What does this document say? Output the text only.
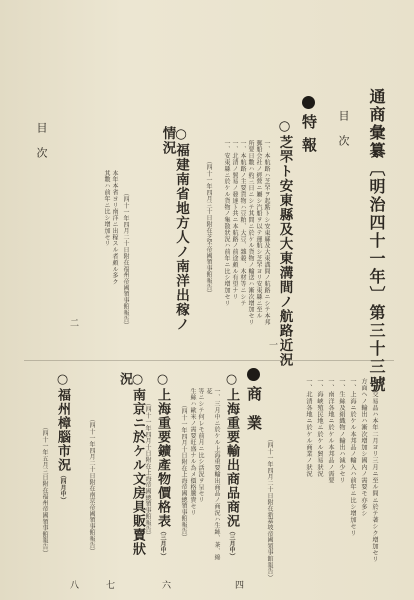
通商彙纂〔明治四十一年〕第三十三號
目次
特報
○芝罘ト安東縣及大東溝間ノ航路近況
一、本航路ハ芝罘ヲ起點トシ安東縣及大東溝間ノ航路ニシテ本邦
郵船会社ノ經營ニ屬シ汽船ヲ以テ運航シ芝罘ヨリ安東縣ニ至ル
所要日數ハ約三日ニシテ其間ニ於ケル貨物ノ輸送ハ漸次增加セリ
一、本航路ノ主要貨物ハ豆粕、大豆、雜穀、木材等ニシテ
一、北清ノ貿易ノ發達ト共ニ本航路ノ前途頗ル有望ナリ
一、安東縣ニ於ケル貨物ノ集散狀況ハ前年ニ比シ增加セリ
（四十一年四月三十日附在芝罘帝國領事館報告）
一
○福建南省地方人ノ南洋出稼ノ情況
本年本省ヨリ南洋ニ出稼スル者頗ル多ク
其數ハ前年ニ比シ增加セリ	（四十一年四月二十日附在福州帝國領事館報告）
目次
二
一、交易品ハ本年二月ヨリ三月ニ至ル間ニ於テ著シク增加セリ
方面ヘノ輸出ハ漸次增加シ國内ノ需要モ亦多シ
一、上海ニ於ケル本邦品ノ輸入ハ前年ニ比シ增加セリ
一、生絲及絹織物ノ輸出ハ減少セリ
一、南洋各地ニ於ケル本邦品ノ需要
一、海峽殖民地ニ於ケル貿易狀況
一、北清各地ニ於ケル商業ノ狀況
（四十一年四月二十日附在新嘉坡帝國領事館報告）
商業
○上海重要輸出商品商況（三月中）
一、三月中ニ於ケル上海重要輸出商品ノ商況ハ生絲、茶、綿花
等ニシテ何レモ前月ニ比シ活況ヲ呈セリ
生絲ハ歐米ノ需要旺盛ナル為メ價格騰貴セリ
（四十一年四月十日附在上海帝國總領事館報告）
四
○上海重要鑛產物價格表（三月中）
（四十一年四月十日附在上海帝國總領事館報告）
六
○南京ニ於ケル文房具販賣狀況
（四十一年四月二十日附在南京帝國領事館報告）
七
○福州樟腦市況（四月中）
（四十一年五月三日附在福州帝國領事館報告）
八
